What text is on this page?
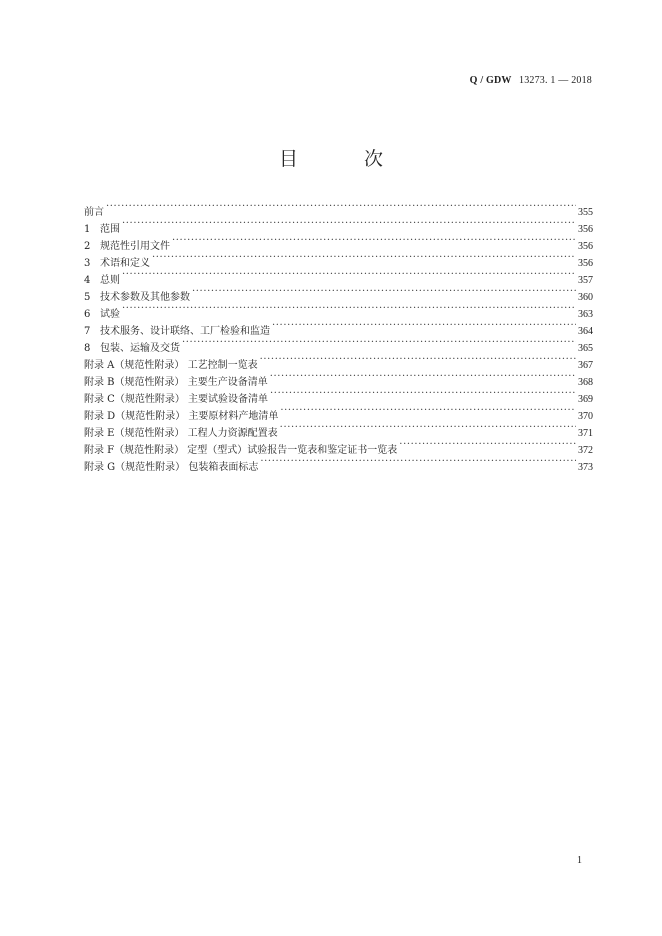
Q / GDW 13273. 1 — 2018
目 次
前言 ·····	355
1 范围 ·····	356
2 规范性引用文件 ·····	356
3 术语和定义 ·····	356
4 总则 ·····	357
5 技术参数及其他参数 ·····	360
6 试验 ·····	363
7 技术服务、设计联络、工厂检验和监造 ·····	364
8 包装、运输及交货 ·····	365
附录 A（规范性附录） 工艺控制一览表 ·····	367
附录 B（规范性附录） 主要生产设备清单 ·····	368
附录 C（规范性附录） 主要试验设备清单 ·····	369
附录 D（规范性附录） 主要原材料产地清单 ·····	370
附录 E（规范性附录） 工程人力资源配置表 ·····	371
附录 F（规范性附录） 定型（型式）试验报告一览表和鉴定证书一览表 ·····	372
附录 G（规范性附录） 包装箱表面标志 ·····	373
1
